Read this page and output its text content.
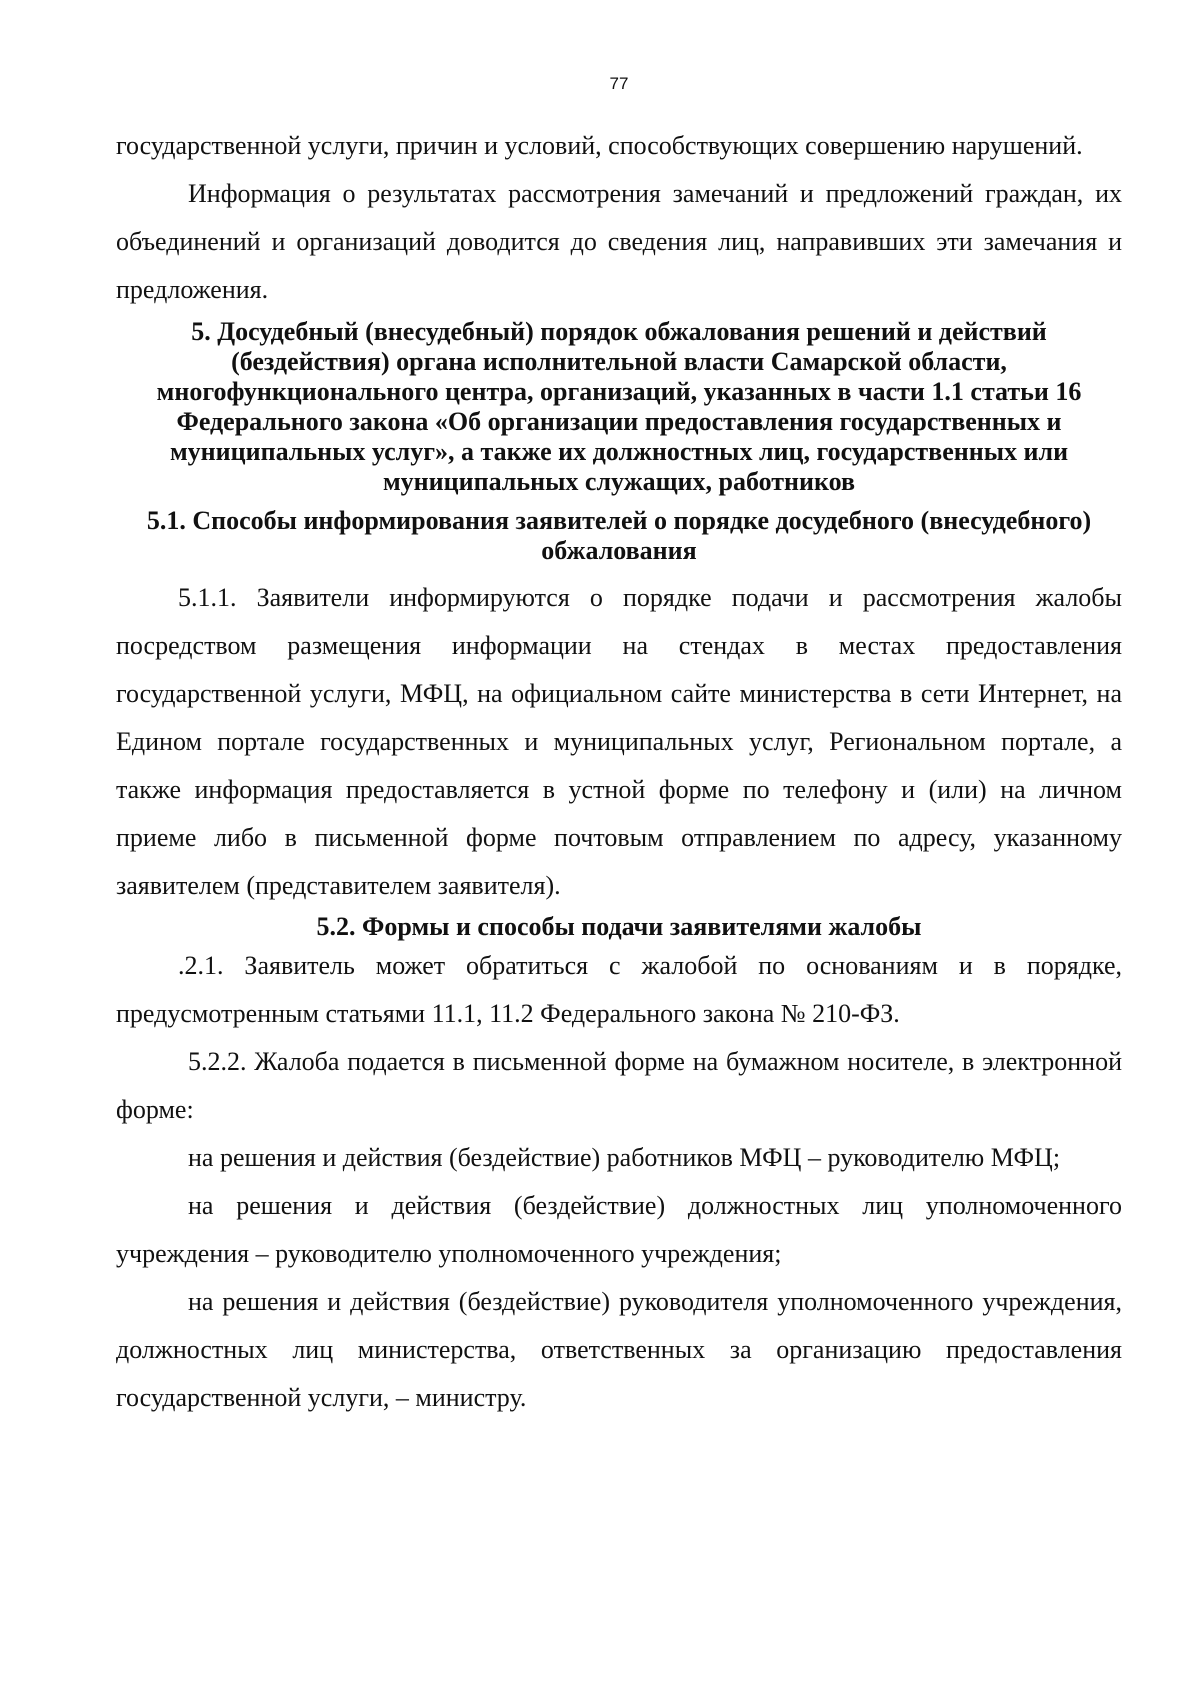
77

государственной услуги, причин и условий, способствующих совершению нарушений.

Информация о результатах рассмотрения замечаний и предложений граждан, их объединений и организаций доводится до сведения лиц, направивших эти замечания и предложения.

5. Досудебный (внесудебный) порядок обжалования решений и действий (бездействия) органа исполнительной власти Самарской области, многофункционального центра, организаций, указанных в части 1.1 статьи 16 Федерального закона «Об организации предоставления государственных и муниципальных услуг», а также их должностных лиц, государственных или муниципальных служащих, работников
5.1. Способы информирования заявителей о порядке досудебного (внесудебного) обжалования

5.1.1. Заявители информируются о порядке подачи и рассмотрения жалобы посредством размещения информации на стендах в местах предоставления государственной услуги, МФЦ, на официальном сайте министерства в сети Интернет, на Едином портале государственных и муниципальных услуг, Региональном портале, а также информация предоставляется в устной форме по телефону и (или) на личном приеме либо в письменной форме почтовым отправлением по адресу, указанному заявителем (представителем заявителя).

5.2. Формы и способы подачи заявителями жалобы

.2.1. Заявитель может обратиться с жалобой по основаниям и в порядке, предусмотренным статьями 11.1, 11.2 Федерального закона № 210-ФЗ.

5.2.2. Жалоба подается в письменной форме на бумажном носителе, в электронной форме:

на решения и действия (бездействие) работников МФЦ – руководителю МФЦ;

на решения и действия (бездействие) должностных лиц уполномоченного учреждения – руководителю уполномоченного учреждения;

на решения и действия (бездействие) руководителя уполномоченного учреждения, должностных лиц министерства, ответственных за организацию предоставления государственной услуги, – министру.
